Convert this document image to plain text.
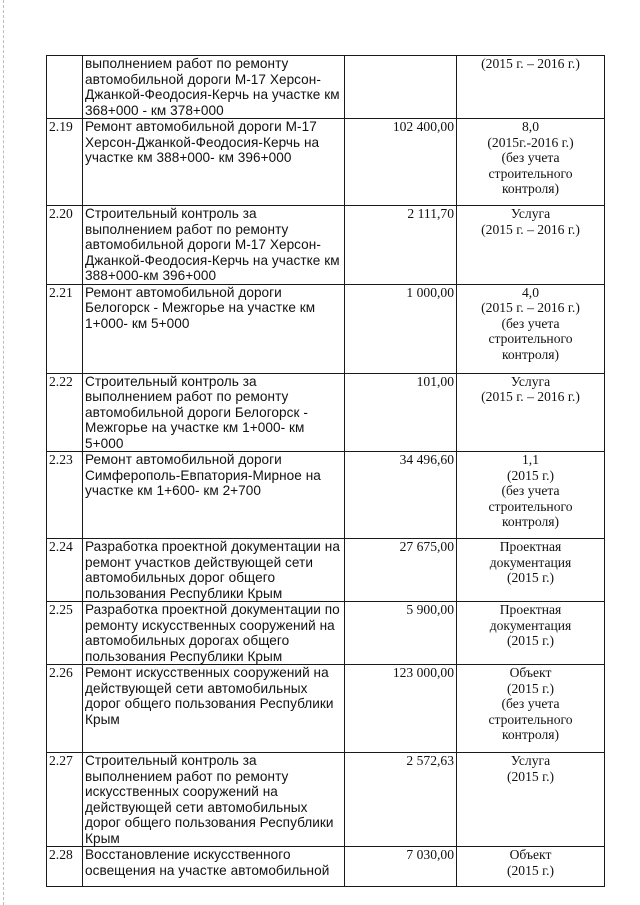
	выполнением работ по ремонту автомобильной дороги М-17 Херсон-Джанкой-Феодосия-Керчь на участке км 368+000 - км 378+000		(2015 г. – 2016 г.)

2.19	Ремонт автомобильной дороги М-17 Херсон-Джанкой-Феодосия-Керчь на участке км 388+000- км 396+000	102 400,00	8,0
(2015г.-2016 г.)
(без учета
строительного
контроля)

2.20	Строительный контроль за выполнением работ по ремонту автомобильной дороги М-17 Херсон-Джанкой-Феодосия-Керчь на участке км 388+000-км 396+000	2 111,70	Услуга
(2015 г. – 2016 г.)

2.21	Ремонт автомобильной дороги Белогорск - Межгорье на участке км 1+000- км 5+000	1 000,00	4,0
(2015 г. – 2016 г.)
(без учета
строительного
контроля)

2.22	Строительный контроль за выполнением работ по ремонту автомобильной дороги Белогорск - Межгорье на участке км 1+000- км 5+000	101,00	Услуга
(2015 г. – 2016 г.)

2.23	Ремонт автомобильной дороги Симферополь-Евпатория-Мирное на участке км 1+600- км 2+700	34 496,60	1,1
(2015 г.)
(без учета
строительного
контроля)

2.24	Разработка проектной документации на ремонт участков действующей сети автомобильных дорог общего пользования Республики Крым	27 675,00	Проектная
документация
(2015 г.)

2.25	Разработка проектной документации по ремонту искусственных сооружений на автомобильных дорогах общего пользования Республики Крым	5 900,00	Проектная
документация
(2015 г.)

2.26	Ремонт искусственных сооружений на действующей сети автомобильных дорог общего пользования Республики Крым	123 000,00	Объект
(2015 г.)
(без учета
строительного
контроля)

2.27	Строительный контроль за выполнением работ по ремонту искусственных сооружений на действующей сети автомобильных дорог общего пользования Республики Крым	2 572,63	Услуга
(2015 г.)

2.28	Восстановление искусственного освещения на участке автомобильной	7 030,00	Объект
(2015 г.)
